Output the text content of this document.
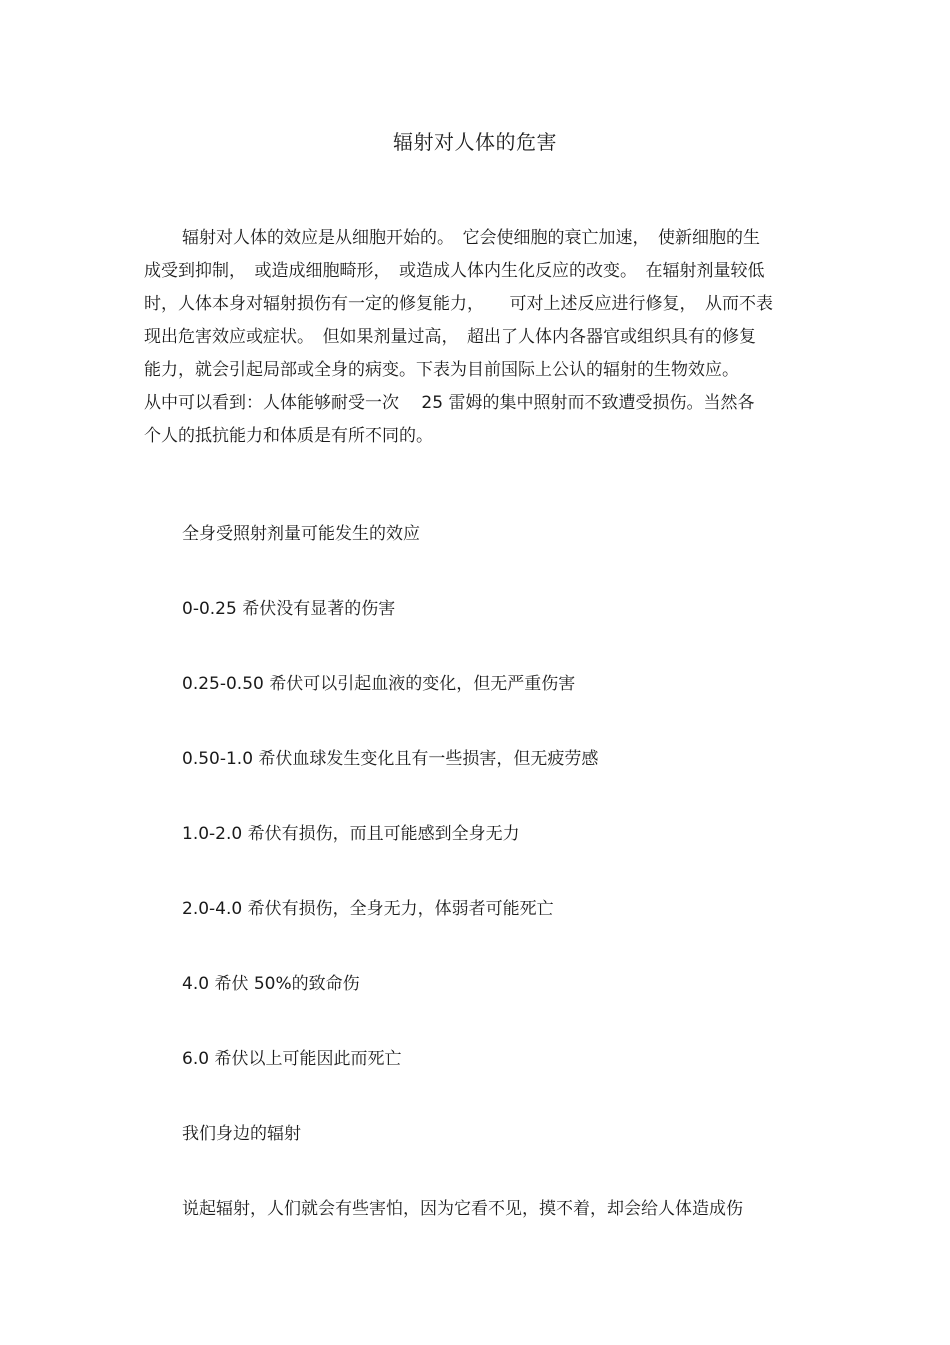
辐射对人体的危害
辐射对人体的效应是从细胞开始的。　它会使细胞的衰亡加速，　使新细胞的生
成受到抑制，　或造成细胞畸形，　或造成人体内生化反应的改变。　在辐射剂量较低
时，人体本身对辐射损伤有一定的修复能力，　　可对上述反应进行修复，　从而不表
现出危害效应或症状。　但如果剂量过高，　超出了人体内各器官或组织具有的修复
能力，就会引起局部或全身的病变。下表为目前国际上公认的辐射的生物效应。
从中可以看到：人体能够耐受一次　 25 雷姆的集中照射而不致遭受损伤。当然各
个人的抵抗能力和体质是有所不同的。
全身受照射剂量可能发生的效应
0-0.25 希伏没有显著的伤害
0.25-0.50 希伏可以引起血液的变化，但无严重伤害
0.50-1.0 希伏血球发生变化且有一些损害，但无疲劳感
1.0-2.0 希伏有损伤，而且可能感到全身无力
2.0-4.0 希伏有损伤，全身无力，体弱者可能死亡
4.0 希伏 50%的致命伤
6.0 希伏以上可能因此而死亡
我们身边的辐射
说起辐射，人们就会有些害怕，因为它看不见，摸不着，却会给人体造成伤
